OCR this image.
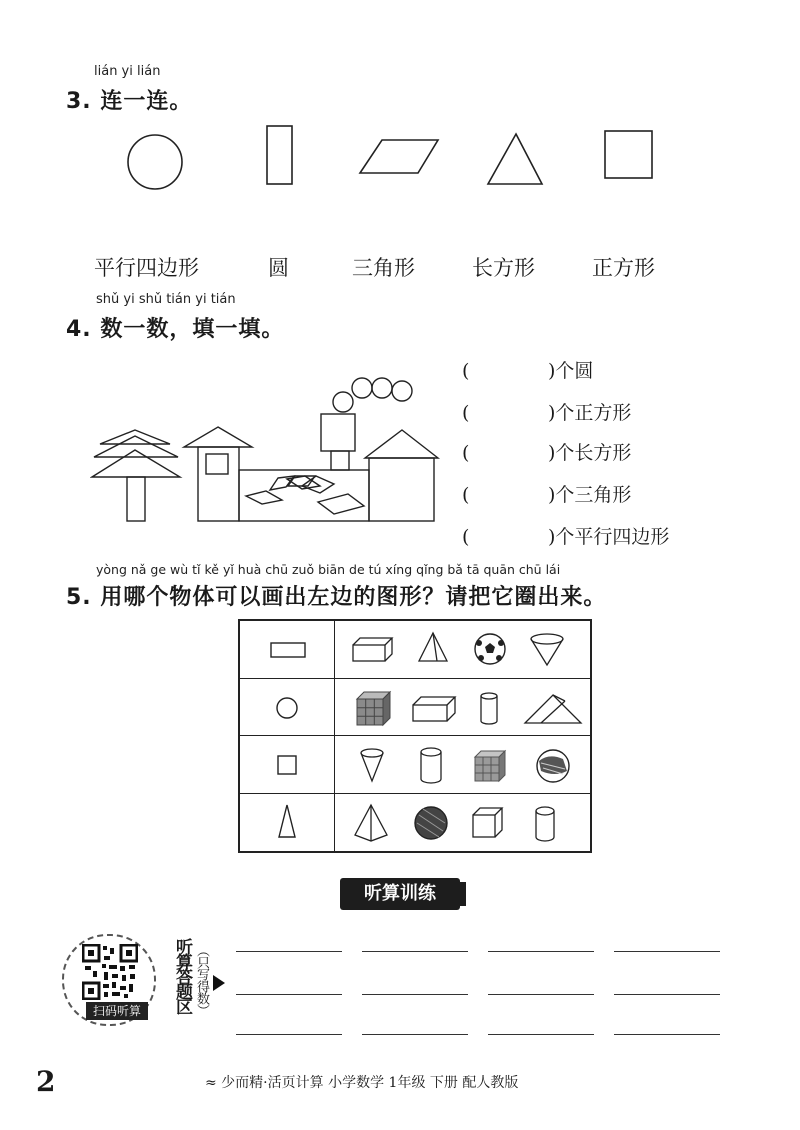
lián yi lián
3. 连一连。
平行四边形	圆	三角形	长方形	正方形
shǔ yi shǔ tián yi tián
4. 数一数，填一填。
(	)个圆
(	)个正方形
(	)个长方形
(	)个三角形
(	)个平行四边形
yòng nǎ ge wù tǐ kě yǐ huà chū zuǒ biān de tú xíng qǐng bǎ tā quān chū lái
5. 用哪个物体可以画出左边的图形？请把它圈出来。

听算训练
扫码听算	听算答题区 （只写得数）
2	≈ 少而精·活页计算 小学数学 1年级 下册 配人教版
